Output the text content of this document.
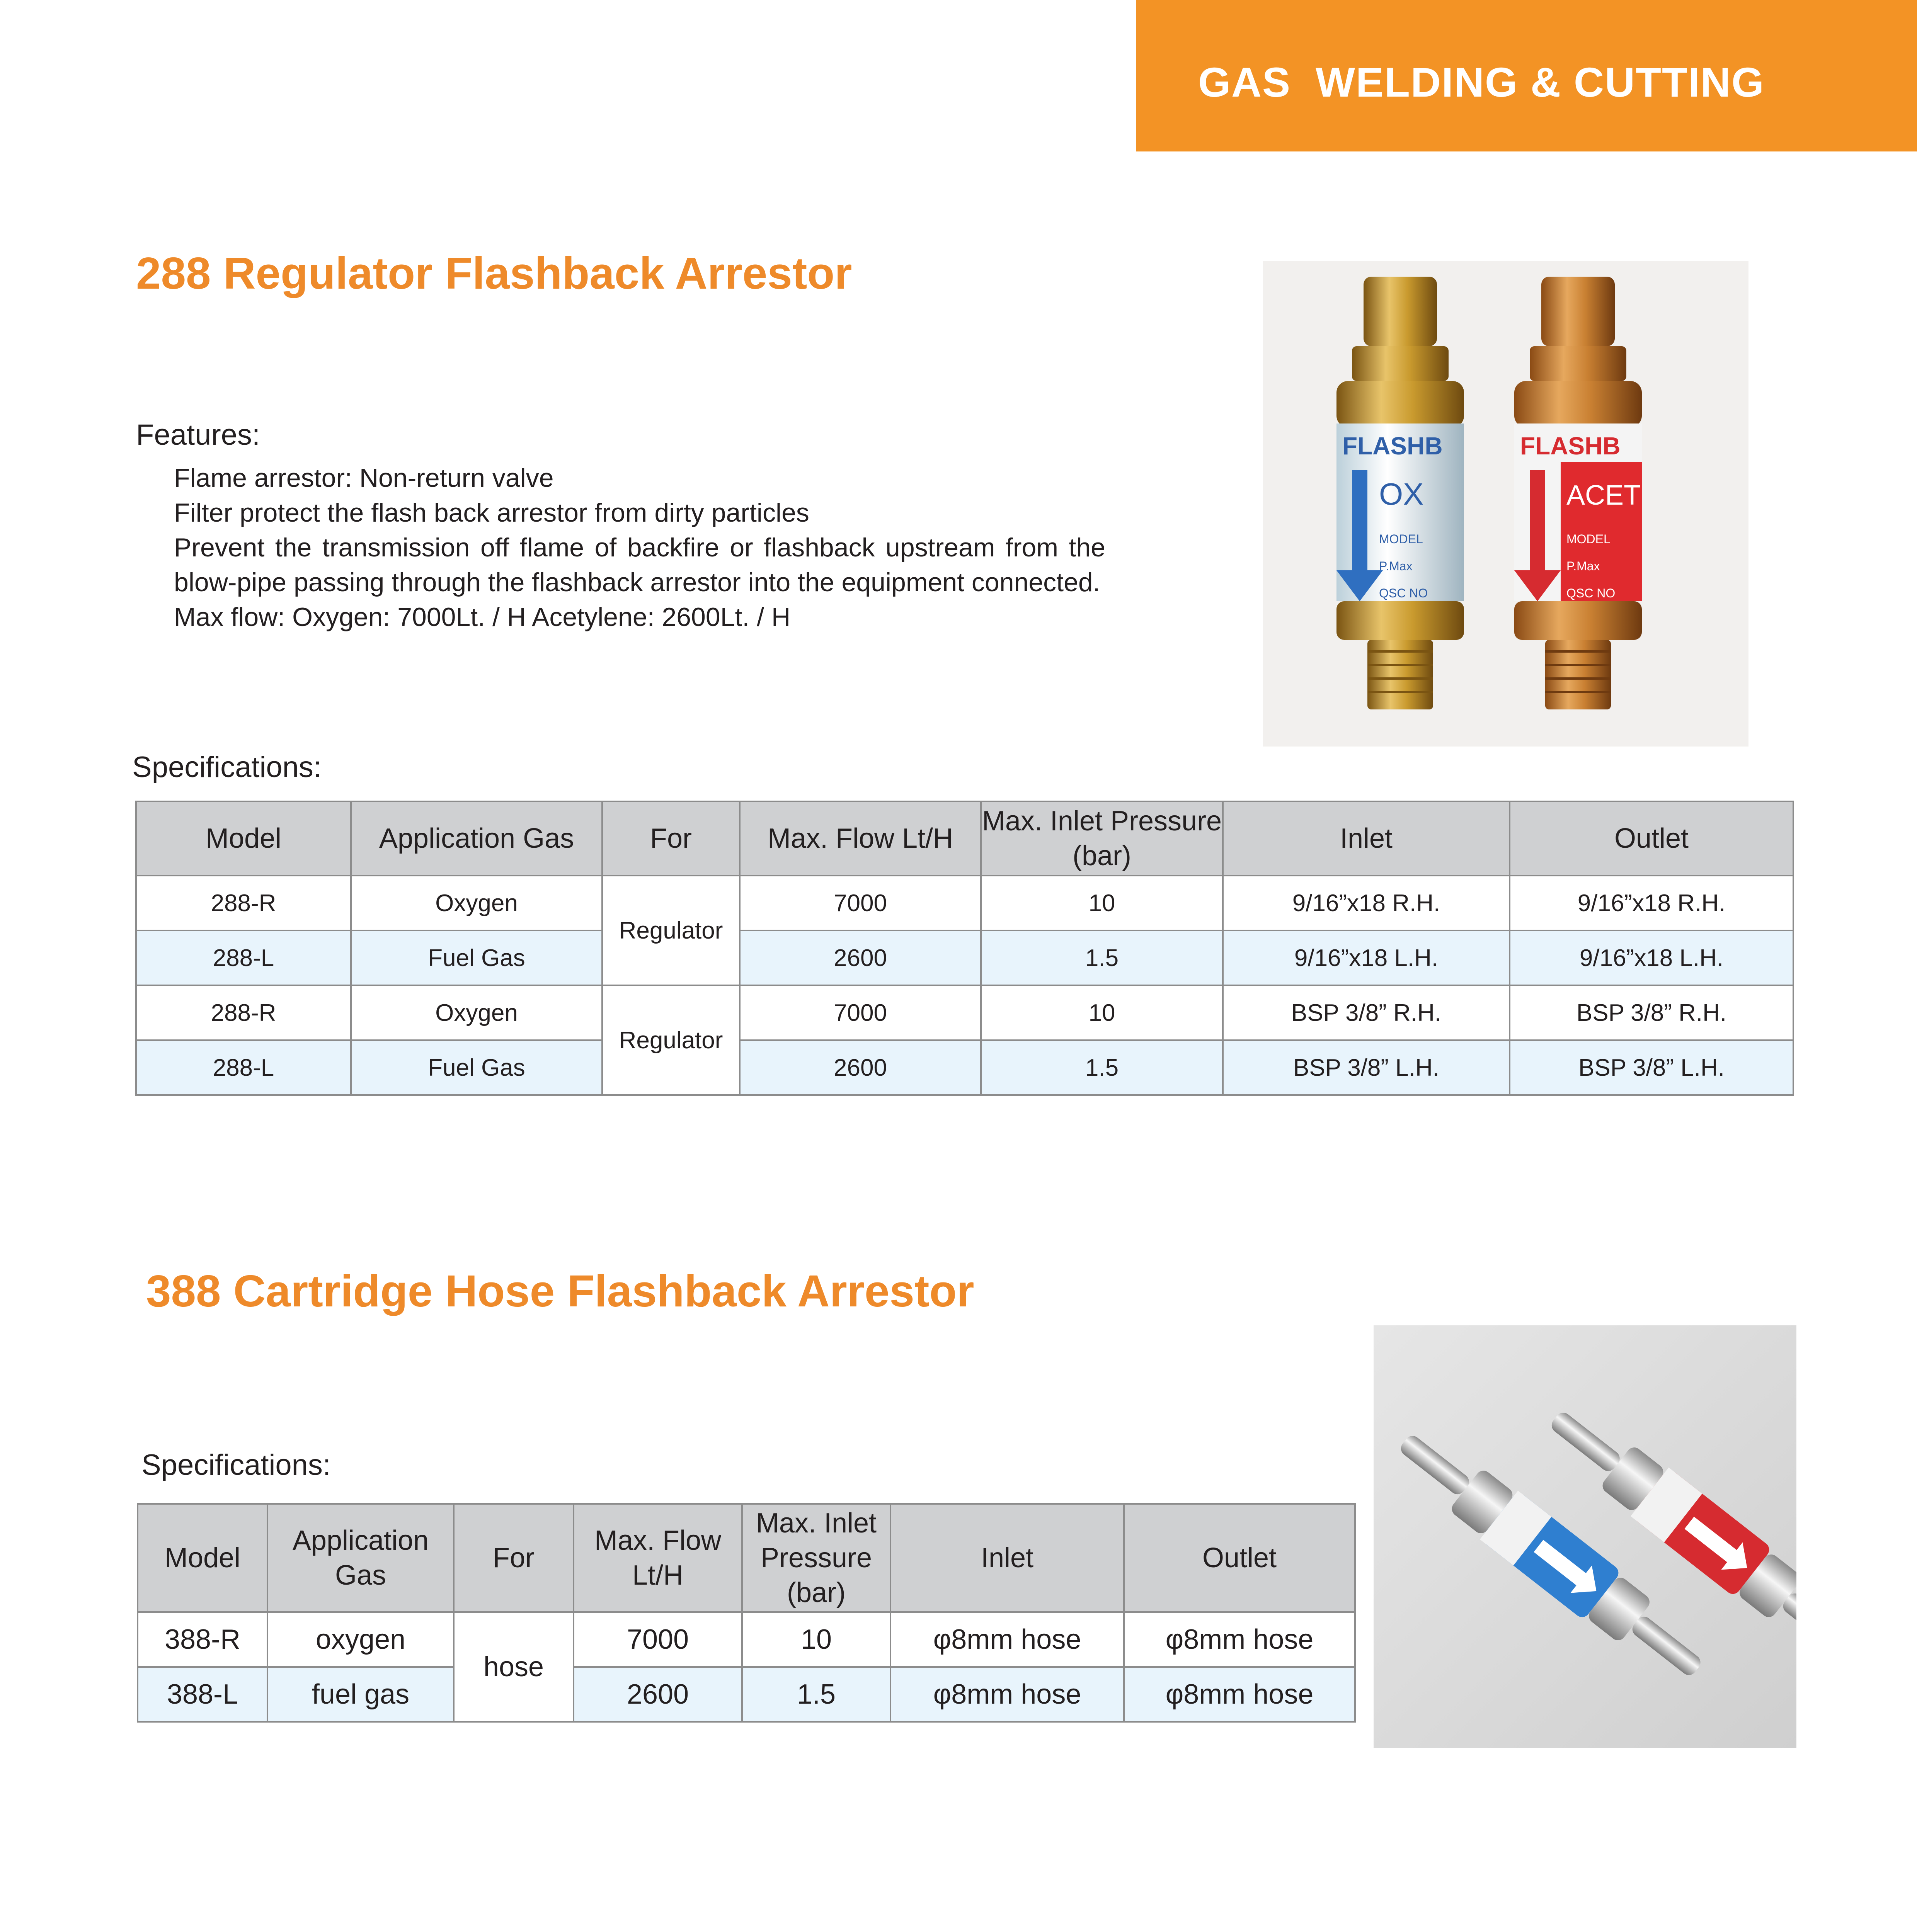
GAS  WELDING & CUTTING
288 Regulator Flashback Arrestor
Features:
Flame arrestor: Non-return valve
Filter protect the flash back arrestor from dirty particles
Prevent the transmission off flame of backfire or flashback upstream from the blow-pipe passing through the flashback arrestor into the equipment connected.
Max flow: Oxygen: 7000Lt. / H Acetylene: 2600Lt. / H
FLASHB
OX
MODEL
P.Max
QSC NO
FLASHB
ACET
MODEL
P.Max
QSC NO
Specifications:
Model	Application Gas	For	Max. Flow Lt/H	Max. Inlet Pressure (bar)	Inlet	Outlet
288-R	Oxygen	Regulator	7000	10	9/16”x18 R.H.	9/16”x18 R.H.
288-L	Fuel Gas		2600	1.5	9/16”x18 L.H.	9/16”x18 L.H.
288-R	Oxygen	Regulator	7000	10	BSP 3/8” R.H.	BSP 3/8” R.H.
288-L	Fuel Gas		2600	1.5	BSP 3/8” L.H.	BSP 3/8” L.H.
388 Cartridge Hose Flashback Arrestor
Specifications:
Model	Application Gas	For	Max. Flow Lt/H	Max. Inlet Pressure (bar)	Inlet	Outlet
388-R	oxygen	hose	7000	10	φ8mm hose	φ8mm hose
388-L	fuel gas		2600	1.5	φ8mm hose	φ8mm hose
